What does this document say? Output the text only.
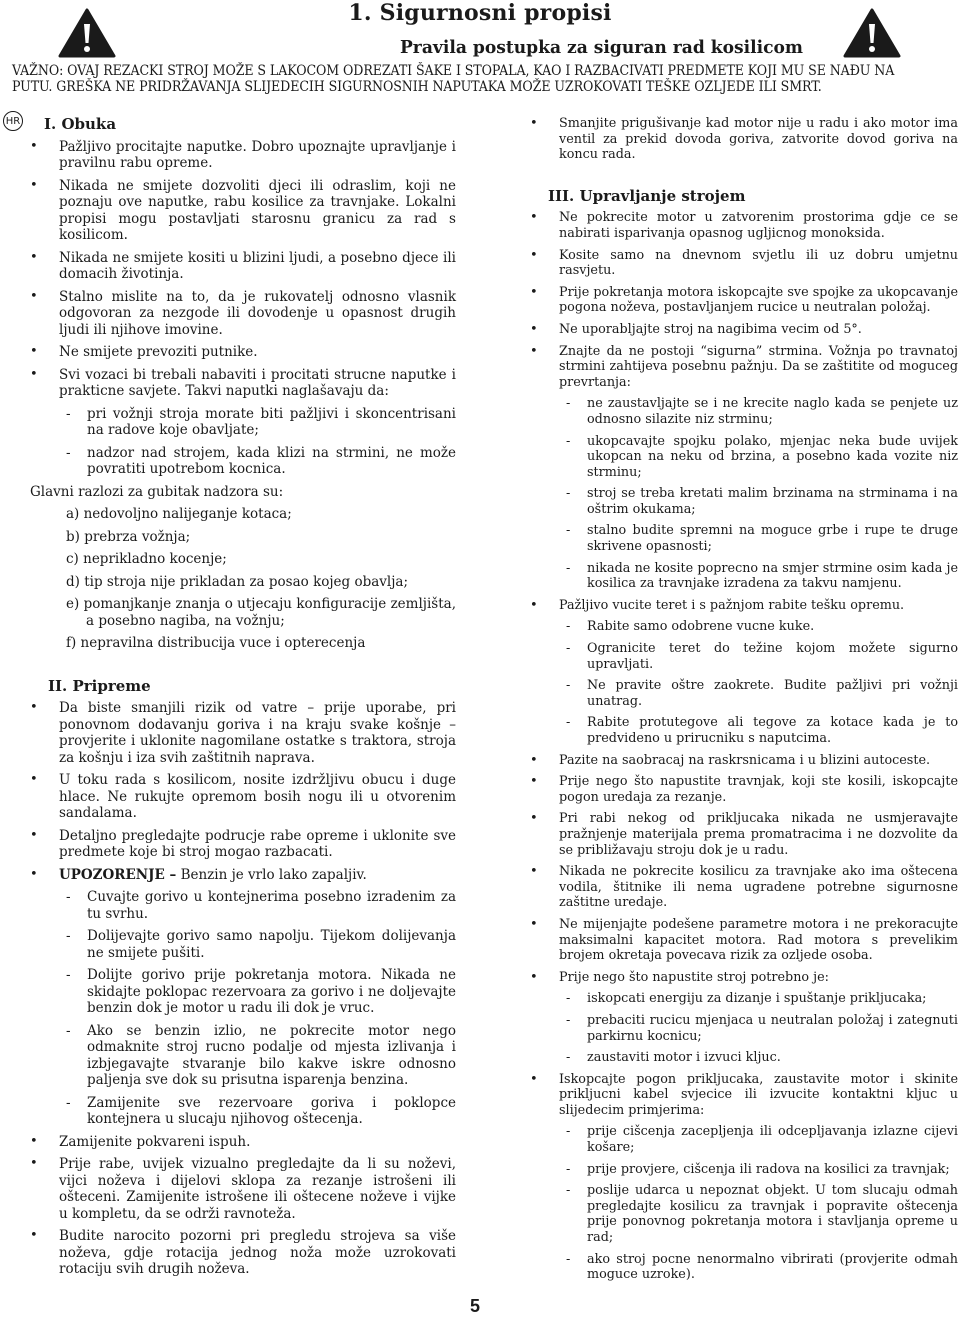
1. Sigurnosni propisi
Pravila postupka za siguran rad kosilicom
VAŽNO: OVAJ REZACKI STROJ MOŽE S LAKOCOM ODREZATI ŠAKE I STOPALA, KAO I RAZBACIVATI PREDMETE KOJI MU SE NAÐU NA
PUTU. GREŠKA NE PRIDRŽAVANJA SLIJEDECIH SIGURNOSNIH NAPUTAKA MOŽE UZROKOVATI TEŠKE OZLJEDE ILI SMRT.
HR I. Obuka
• Pažljivo procitajte naputke. Dobro upoznajte upravljanje i pravilnu rabu opreme.
• Nikada ne smijete dozvoliti djeci ili odraslim, koji ne poznaju ove naputke, rabu kosilice za travnjake. Lokalni propisi mogu postavljati starosnu granicu za rad s kosilicom.
• Nikada ne smijete kositi u blizini ljudi, a posebno djece ili domacih životinja.
• Stalno mislite na to, da je rukovatelj odnosno vlasnik odgovoran za nezgode ili dovodenje u opasnost drugih ljudi ili njihove imovine.
• Ne smijete prevoziti putnike.
• Svi vozaci bi trebali nabaviti i procitati strucne naputke i prakticne savjete. Takvi naputki naglašavaju da:
- pri vožnji stroja morate biti pažljivi i skoncentrisani na radove koje obavljate;
- nadzor nad strojem, kada klizi na strmini, ne može povratiti upotrebom kocnica.
Glavni razlozi za gubitak nadzora su:
a) nedovoljno nalijeganje kotaca;
b) prebrza vožnja;
c) neprikladno kocenje;
d) tip stroja nije prikladan za posao kojeg obavlja;
e) pomanjkanje znanja o utjecaju konfiguracije zemljišta, a posebno nagiba, na vožnju;
f) nepravilna distribucija vuce i opterecenja
II. Pripreme
• Da biste smanjili rizik od vatre – prije uporabe, pri ponovnom dodavanju goriva i na kraju svake košnje – provjerite i uklonite nagomilane ostatke s traktora, stroja za košnju i iza svih zaštitnih naprava.
• U toku rada s kosilicom, nosite izdržljivu obucu i duge hlace. Ne rukujte opremom bosih nogu ili u otvorenim sandalama.
• Detaljno pregledajte podrucje rabe opreme i uklonite sve predmete koje bi stroj mogao razbacati.
• UPOZORENJE – Benzin je vrlo lako zapaljiv.
- Cuvajte gorivo u kontejnerima posebno izradenim za tu svrhu.
- Dolijevajte gorivo samo napolju. Tijekom dolijevanja ne smijete pušiti.
- Dolijte gorivo prije pokretanja motora. Nikada ne skidajte poklopac rezervoara za gorivo i ne doljevajte benzin dok je motor u radu ili dok je vruc.
- Ako se benzin izlio, ne pokrecite motor nego odmaknite stroj rucno podalje od mjesta izlivanja i izbjegavajte stvaranje bilo kakve iskre odnosno paljenja sve dok su prisutna isparenja benzina.
- Zamijenite sve rezervoare goriva i poklopce kontejnera u slucaju njihovog oštecenja.
• Zamijenite pokvareni ispuh.
• Prije rabe, uvijek vizualno pregledajte da li su noževi, vijci noževa i dijelovi sklopa za rezanje istrošeni ili ošteceni. Zamijenite istrošene ili oštecene noževe i vijke u kompletu, da se održi ravnoteža.
• Budite narocito pozorni pri pregledu strojeva sa više noževa, gdje rotacija jednog noža može uzrokovati rotaciju svih drugih noževa.
• Smanjite prigušivanje kad motor nije u radu i ako motor ima ventil za prekid dovoda goriva, zatvorite dovod goriva na koncu rada.
III. Upravljanje strojem
• Ne pokrecite motor u zatvorenim prostorima gdje ce se nabirati isparivanja opasnog ugljicnog monoksida.
• Kosite samo na dnevnom svjetlu ili uz dobru umjetnu rasvjetu.
• Prije pokretanja motora iskopcajte sve spojke za ukopcavanje pogona noževa, postavljanjem rucice u neutralan položaj.
• Ne uporabljajte stroj na nagibima vecim od 5°.
• Znajte da ne postoji “sigurna” strmina. Vožnja po travnatoj strmini zahtijeva posebnu pažnju. Da se zaštitite od moguceg prevrtanja:
- ne zaustavljajte se i ne krecite naglo kada se penjete uz odnosno silazite niz strminu;
- ukopcavajte spojku polako, mjenjac neka bude uvijek ukopcan na neku od brzina, a posebno kada vozite niz strminu;
- stroj se treba kretati malim brzinama na strminama i na oštrim okukama;
- stalno budite spremni na moguce grbe i rupe te druge skrivene opasnosti;
- nikada ne kosite poprecno na smjer strmine osim kada je kosilica za travnjake izradena za takvu namjenu.
• Pažljivo vucite teret i s pažnjom rabite tešku opremu.
- Rabite samo odobrene vucne kuke.
- Ogranicite teret do težine kojom možete sigurno upravljati.
- Ne pravite oštre zaokrete. Budite pažljivi pri vožnji unatrag.
- Rabite protutegove ali tegove za kotace kada je to predvideno u prirucniku s naputcima.
• Pazite na saobracaj na raskrsnicama i u blizini autoceste.
• Prije nego što napustite travnjak, koji ste kosili, iskopcajte pogon uredaja za rezanje.
• Pri rabi nekog od prikljucaka nikada ne usmjeravajte pražnjenje materijala prema promatracima i ne dozvolite da se približavaju stroju dok je u radu.
• Nikada ne pokrecite kosilicu za travnjake ako ima oštecena vodila, štitnike ili nema ugradene potrebne sigurnosne zaštitne uredaje.
• Ne mijenjajte podešene parametre motora i ne prekoracujte maksimalni kapacitet motora. Rad motora s prevelikim brojem okretaja povecava rizik za ozljede osoba.
• Prije nego što napustite stroj potrebno je:
- iskopcati energiju za dizanje i spuštanje prikljucaka;
- prebaciti rucicu mjenjaca u neutralan položaj i zategnuti parkirnu kocnicu;
- zaustaviti motor i izvuci kljuc.
• Iskopcajte pogon prikljucaka, zaustavite motor i skinite prikljucni kabel svjecice ili izvucite kontaktni kljuc u slijedecim primjerima:
- prije cišcenja zacepljenja ili odcepljavanja izlazne cijevi košare;
- prije provjere, cišcenja ili radova na kosilici za travnjak;
- poslije udarca u nepoznat objekt. U tom slucaju odmah pregledajte kosilicu za travnjak i popravite oštecenja prije ponovnog pokretanja motora i stavljanja opreme u rad;
- ako stroj pocne nenormalno vibrirati (provjerite odmah moguce uzroke).
5
